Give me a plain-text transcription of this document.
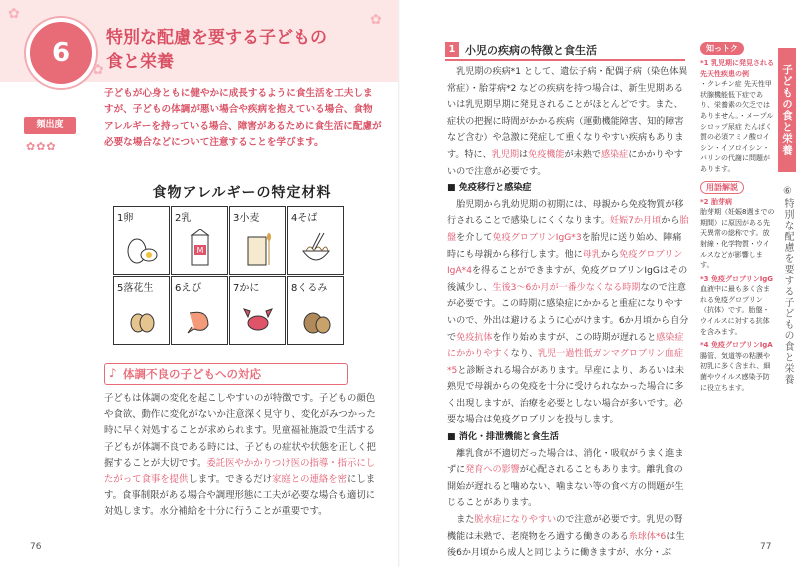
✿	✿
✿
6	特別な配慮を要する子どもの
食と栄養
頻出度
✿✿✿
子どもが心身ともに健やかに成長するように食生活を工夫しますが、子どもの体調が悪い場合や疾病を抱えている場合、食物アレルギーを持っている場合、障害があるために食生活に配慮が必要な場合などについて注意することを学びます。
食物アレルギーの特定材料
1卵	2乳
M
3小麦	4そば
5落花生 6えび	7かに	8くるみ
♪ 体調不良の子どもへの対応
子どもは体調の変化を起こしやすいのが特徴です。子どもの顔色や食欲、動作に変化がないか注意深く見守り、変化がみつかった時に早く対処することが求められます。児童福祉施設で生活する子どもが体調不良である時には、子どもの症状や状態を正しく把握することが大切です。委託医やかかりつけ医の指導・指示にしたがって食事を提供します。できるだけ家庭との連絡を密にします。食事制限がある場合や調理形態に工夫が必要な場合も適切に対処します。水分補給を十分に行うことが重要です。
76
1 小児の疾病の特徴と食生活

乳児期の疾病*1 として、遺伝子病・配偶子病（染色体異常症）・胎芽病*2 などの疾病を持つ場合は、新生児期あるいは乳児期早期に発見されることがほとんどです。また、症状の把握に時間がかかる疾病（運動機能障害、知的障害など含む）や急激に発症して重くなりやすい疾病もあります。特に、乳児期は免疫機能が未熟で感染症にかかりやすいので注意が必要です。

■ 免疫移行と感染症

胎児期から乳幼児期の初期には、母親から免疫物質が移行されることで感染しにくくなります。妊娠7か月頃から胎盤を介して免疫グロブリンIgG*3を胎児に送り始め、陣痛時にも母親から移行します。他に母乳から免疫グロブリンIgA*4を得ることができますが、免疫グロブリンIgGはその後減少し、生後3～6か月が一番少なくなる時期なので注意が必要です。この時期に感染症にかかると重症になりやすいので、外出は避けるように心がけます。6か月頃から自分で免疫抗体を作り始めますが、この時期が遅れると感染症にかかりやすくなり、乳児一過性低ガンマグロブリン血症*5と診断される場合があります。早産により、あるいは未熟児で母親からの免疫を十分に受けられなかった場合に多く出現しますが、治療を必要としない場合が多いです。必要な場合は免疫グロブリンを投与します。

■ 消化・排泄機能と食生活

離乳食が不適切だった場合は、消化・吸収がうまく進まずに発育への影響が心配されることもあります。離乳食の開始が遅れると噛めない、噛まない等の食べ方の問題が生じることがあります。

また脱水症になりやすいので注意が必要です。乳児の腎機能は未熟で、老廃物をろ過する働きのある糸球体*6は生後6か月頃から成人と同じように働きますが、水分・ぶ

知っトク
*1 乳児期に発見される先天性疾患の例
・クレチン症 先天性甲状腺機能低下症であり、栄養素の欠乏ではありません。・メープルシロップ尿症 たんぱく質の必須アミノ酸ロイシン・イソロイシン・バリンの代謝に問題があります。
用語解説
*2 胎芽病
胎芽期（妊娠8週までの期間）に原因がある先天異常の総称です。放射線・化学物質・ウイルスなどが影響します。
*3 免疫グロブリンIgG
血液中に最も多く含まれる免疫グロブリン（抗体）です。胎盤・ウイルスに対する抗体を含みます。
*4 免疫グロブリンIgA
腸管、気道等の粘膜や初乳に多く含まれ、細菌やウイルス感染予防に役立ちます。
子どもの食と栄養
⑥特別な配慮を要する子どもの食と栄養
77
